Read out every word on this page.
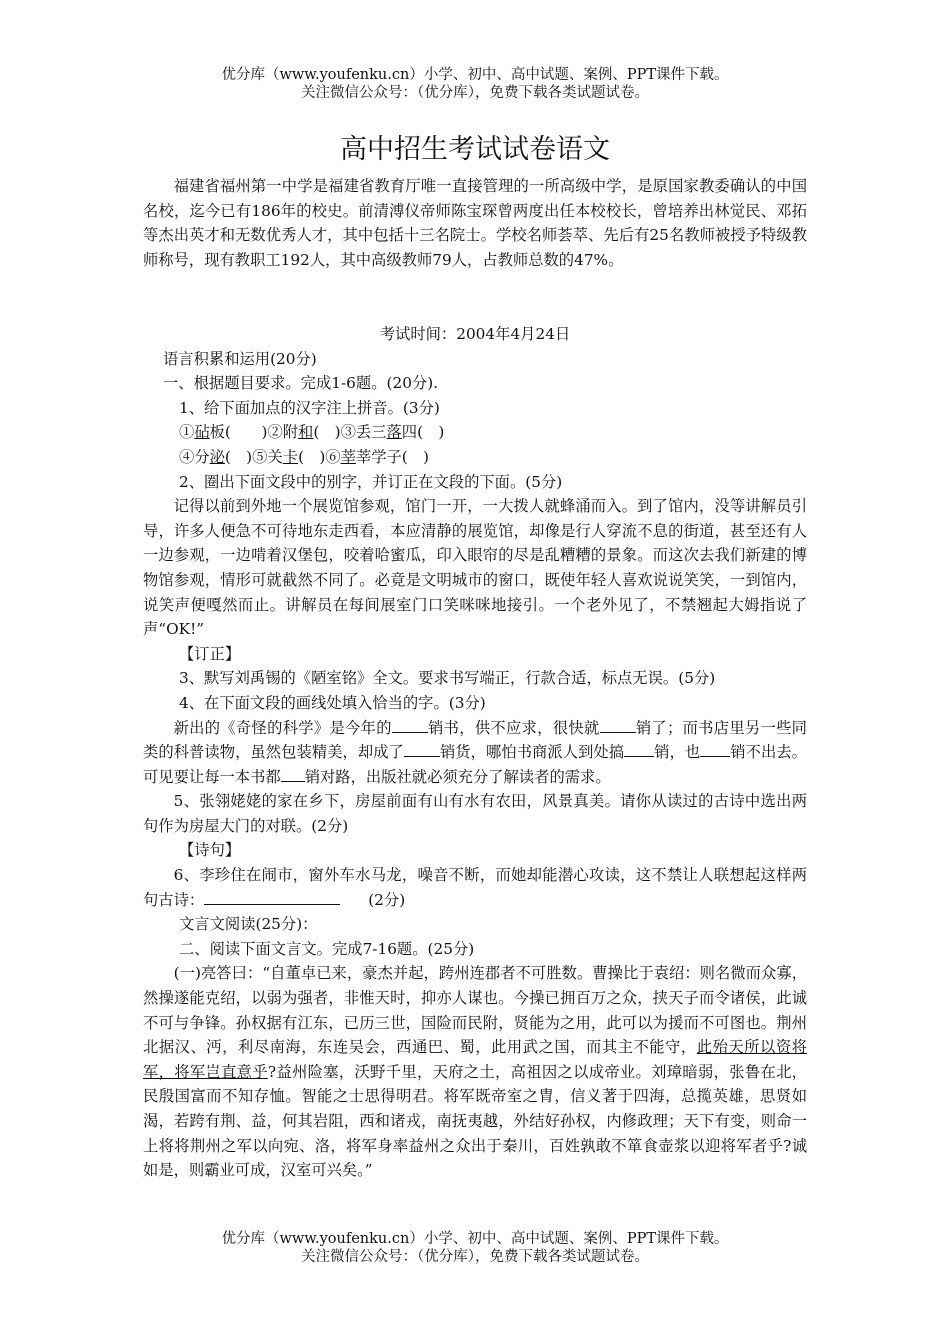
优分库（www.youfenku.cn）小学、初中、高中试题、案例、PPT课件下载。
关注微信公众号：（优分库），免费下载各类试题试卷。
高中招生考试试卷语文

福建省福州第一中学是福建省教育厅唯一直接管理的一所高级中学，是原国家教委确认的中国名校，迄今已有186年的校史。前清溥仪帝师陈宝琛曾两度出任本校校长，曾培养出林觉民、邓拓等杰出英才和无数优秀人才，其中包括十三名院士。学校名师荟萃、先后有25名教师被授予特级教师称号，现有教职工192人，其中高级教师79人，占教师总数的47%。

考试时间：2004年4月24日

语言积累和运用(20分)

一、根据题目要求。完成1-6题。(20分).

1、给下面加点的汉字注上拼音。(3分)

①砧板(　　)②附和(　)③丢三落四(　)

④分泌(　)⑤关卡(　)⑥莘莘学子(　)

2、圈出下面文段中的别字，并订正在文段的下面。(5分)

记得以前到外地一个展览馆参观，馆门一开，一大拨人就蜂涌而入。到了馆内，没等讲解员引导，许多人便急不可待地东走西看，本应清静的展览馆，却像是行人穿流不息的街道，甚至还有人一边参观，一边啃着汉堡包，咬着哈蜜瓜，印入眼帘的尽是乱糟糟的景象。而这次去我们新建的博物馆参观，情形可就截然不同了。必竟是文明城市的窗口，既使年轻人喜欢说说笑笑，一到馆内，说笑声便嘎然而止。讲解员在每间展室门口笑咪咪地接引。一个老外见了，不禁翘起大姆指说了声“OK!”

【订正】

3、默写刘禹锡的《陋室铭》全文。要求书写端正，行款合适，标点无误。(5分)

4、在下面文段的画线处填入恰当的字。(3分)

新出的《奇怪的科学》是今年的 销书，供不应求，很快就 销了；而书店里另一些同类的科普读物，虽然包装精美，却成了 销货，哪怕书商派人到处搞 销，也 销不出去。可见要让每一本书都 销对路，出版社就必须充分了解读者的需求。

5、张翎姥姥的家在乡下，房屋前面有山有水有农田，风景真美。请你从读过的古诗中选出两句作为房屋大门的对联。(2分)

【诗句】

6、李珍住在闹市，窗外车水马龙，噪音不断，而她却能潜心攻读，这不禁让人联想起这样两句古诗：	(2分)

文言文阅读(25分)：

二、阅读下面文言文。完成7-16题。(25分)

(一)亮答曰：“自董卓已来，豪杰并起，跨州连郡者不可胜数。曹操比于袁绍：则名微而众寡，然操遂能克绍，以弱为强者，非惟天时，抑亦人谋也。今操已拥百万之众，挟天子而令诸侯，此诚不可与争锋。孙权据有江东，已历三世，国险而民附，贤能为之用，此可以为援而不可图也。荆州北据汉、沔，利尽南海，东连吴会，西通巴、蜀，此用武之国，而其主不能守，此殆天所以资将军，将军岂直意乎?益州险塞，沃野千里，天府之土，高祖因之以成帝业。刘璋暗弱，张鲁在北，民殷国富而不知存恤。智能之士思得明君。将军既帝室之胄，信义著于四海，总揽英雄，思贤如渴，若跨有荆、益，何其岩阻，西和诸戎，南抚夷越，外结好孙权，内修政理；天下有变，则命一上将将荆州之军以向宛、洛，将军身率益州之众出于秦川，百姓孰敢不箪食壶浆以迎将军者乎?诚如是，则霸业可成，汉室可兴矣。”

优分库（www.youfenku.cn）小学、初中、高中试题、案例、PPT课件下载。
关注微信公众号：（优分库），免费下载各类试题试卷。
